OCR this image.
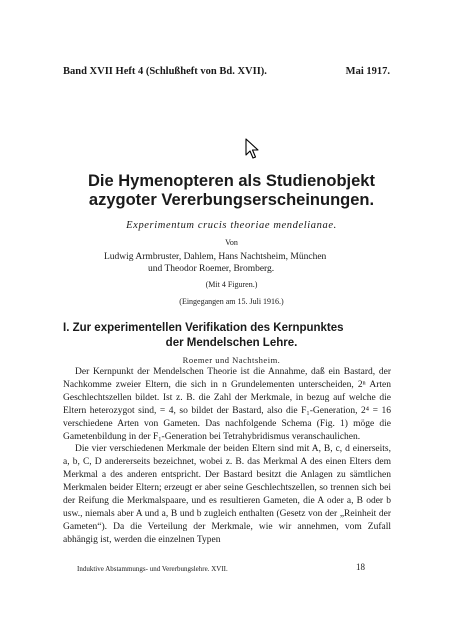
Band XVII Heft 4 (Schlußheft von Bd. XVII).	Mai 1917.
Die Hymenopteren als Studienobjekt
azygoter Vererbungserscheinungen.
Experimentum crucis theoriae mendelianae.
Von
Ludwig Armbruster, Dahlem, Hans Nachtsheim, München
und Theodor Roemer, Bromberg.
(Mit 4 Figuren.)
(Eingegangen am 15. Juli 1916.)
I. Zur experimentellen Verifikation des Kernpunktes
der Mendelschen Lehre.
Roemer und Nachtsheim.

Der Kernpunkt der Mendelschen Theorie ist die Annahme, daß ein Bastard, der Nachkomme zweier Eltern, die sich in n Grundelementen unterscheiden, 2ⁿ Arten Geschlechtszellen bildet. Ist z. B. die Zahl der Merkmale, in bezug auf welche die Eltern heterozygot sind, = 4, so bildet der Bastard, also die F₁-Generation, 2⁴ = 16 verschiedene Arten von Gameten. Das nachfolgende Schema (Fig. 1) möge die Gametenbildung in der F₁-Generation bei Tetrahybridismus veranschaulichen.

Die vier verschiedenen Merkmale der beiden Eltern sind mit A, B, c, d einerseits, a, b, C, D andererseits bezeichnet, wobei z. B. das Merkmal A des einen Elters dem Merkmal a des anderen entspricht. Der Bastard besitzt die Anlagen zu sämtlichen Merkmalen beider Eltern; erzeugt er aber seine Geschlechtszellen, so trennen sich bei der Reifung die Merkmalspaare, und es resultieren Gameten, die A oder a, B oder b usw., niemals aber A und a, B und b zugleich enthalten (Gesetz von der „Reinheit der Gameten“). Da die Verteilung der Merkmale, wie wir annehmen, vom Zufall abhängig ist, werden die einzelnen Typen

Induktive Abstammungs- und Vererbungslehre. XVII.	18
